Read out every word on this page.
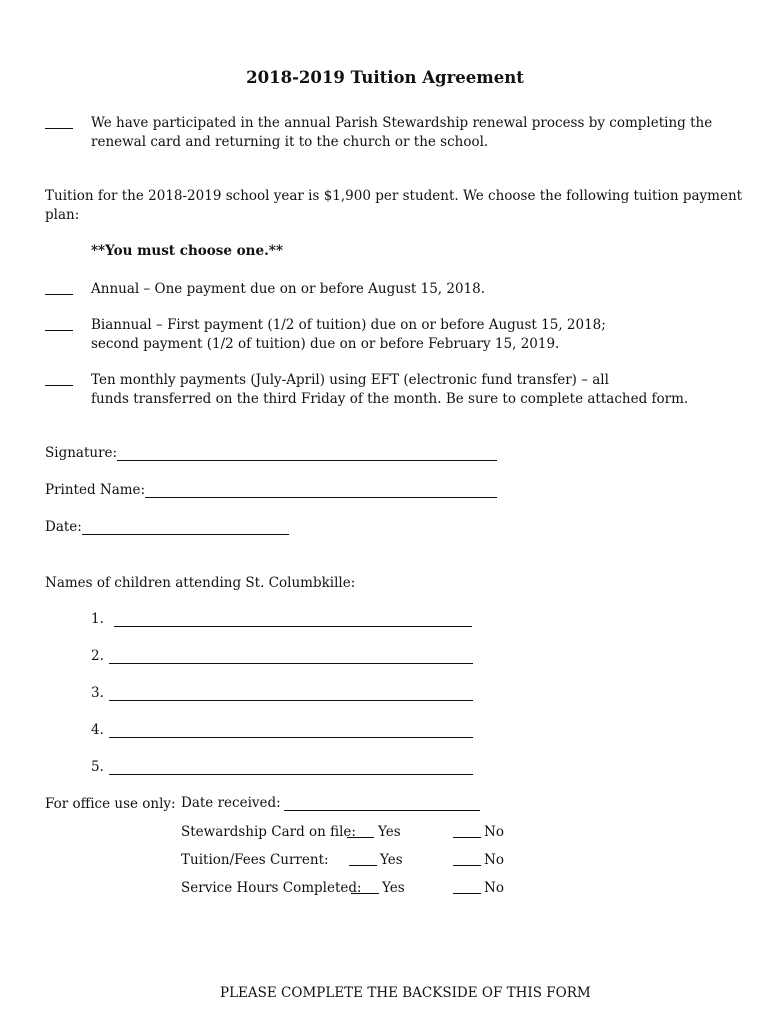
2018-2019 Tuition Agreement
We have participated in the annual Parish Stewardship renewal process by completing the
renewal card and returning it to the church or the school.
Tuition for the 2018-2019 school year is $1,900 per student. We choose the following tuition payment
plan:
**You must choose one.**
Annual – One payment due on or before August 15, 2018.
Biannual – First payment (1/2 of tuition) due on or before August 15, 2018;
second payment (1/2 of tuition) due on or before February 15, 2019.
Ten monthly payments (July-April) using EFT (electronic fund transfer) – all
funds transferred on the third Friday of the month. Be sure to complete attached form.
Signature:
Printed Name:
Date:
Names of children attending St. Columbkille:
1.
2.
3.
4.
5.
For office use only: Date received:
Stewardship Card on file: Yes	No
Tuition/Fees Current:	Yes	No
Service Hours Completed: Yes	No
PLEASE COMPLETE THE BACKSIDE OF THIS FORM
